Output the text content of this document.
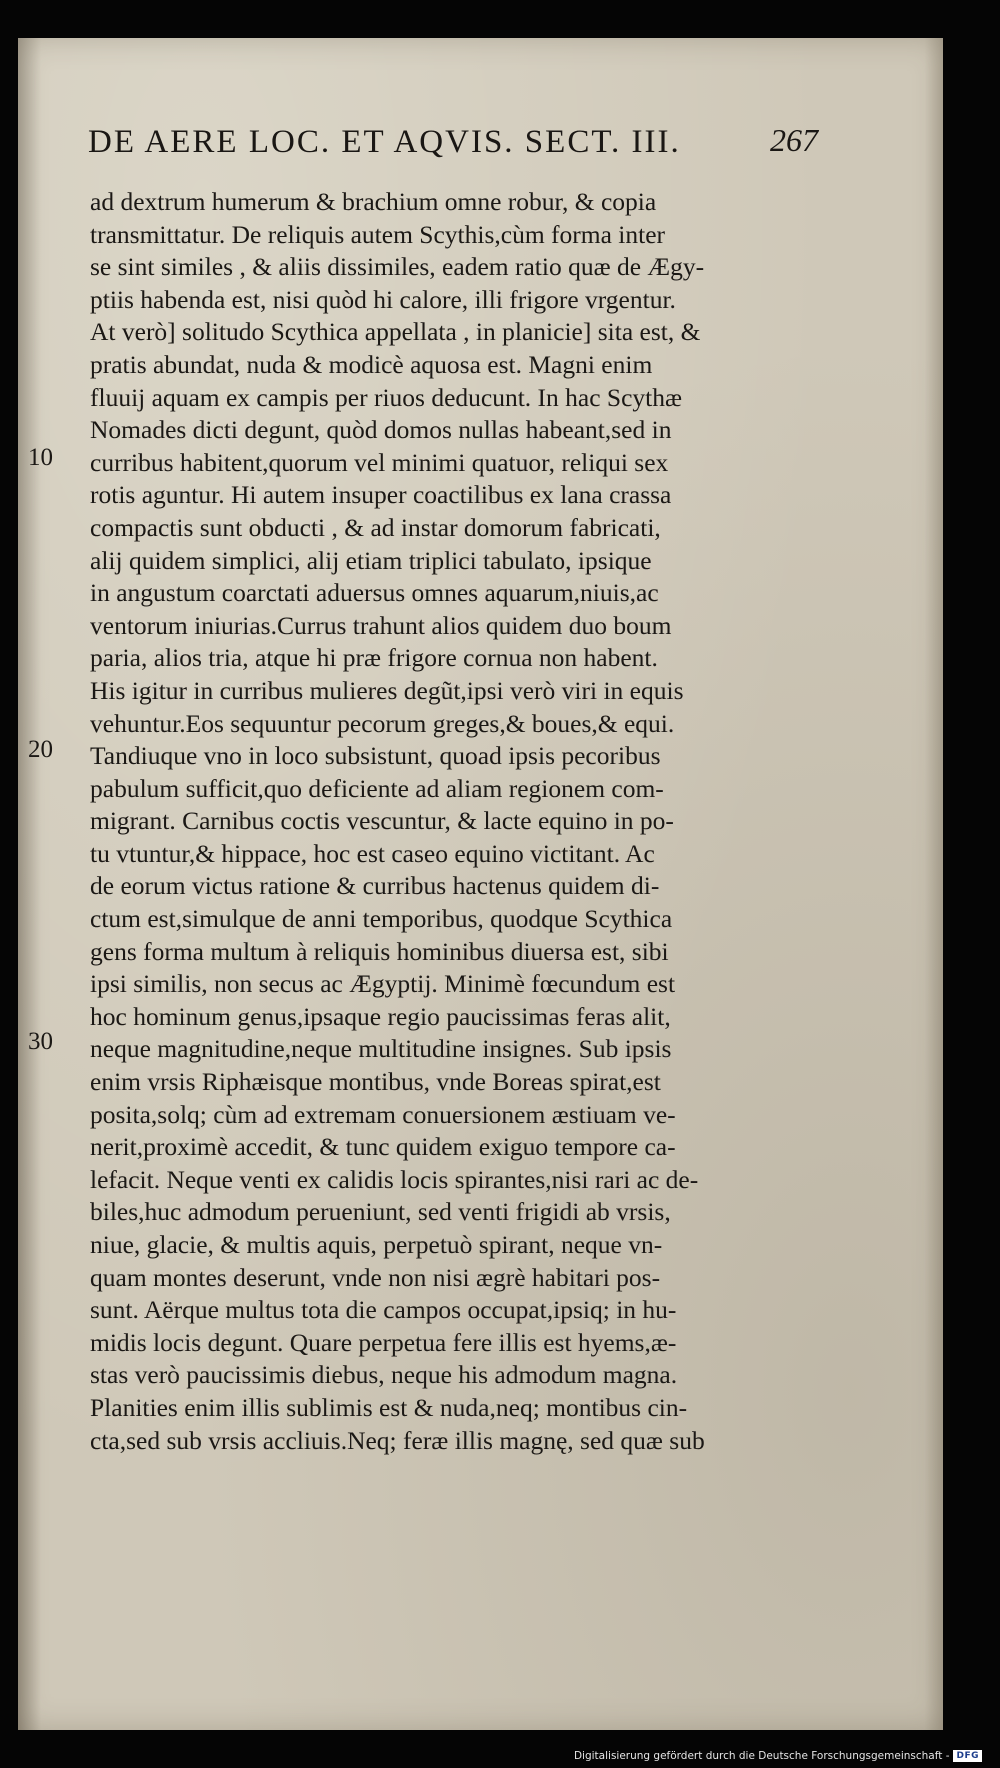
DE AERE LOC. ET AQVIS. SECT. III.	267
10
20
30
ad dextrum humerum & brachium omne robur, & copia
transmittatur. De reliquis autem Scythis,cùm forma inter
se sint similes , & aliis dissimiles, eadem ratio quæ de Ægy-
ptiis habenda est, nisi quòd hi calore, illi frigore vrgentur.
At verò] solitudo Scythica appellata , in planicie] sita est, &
pratis abundat, nuda & modicè aquosa est. Magni enim
fluuij aquam ex campis per riuos deducunt. In hac Scythæ
Nomades dicti degunt, quòd domos nullas habeant,sed in
curribus habitent,quorum vel minimi quatuor, reliqui sex
rotis aguntur. Hi autem insuper coactilibus ex lana crassa
compactis sunt obducti , & ad instar domorum fabricati,
alij quidem simplici, alij etiam triplici tabulato, ipsique
in angustum coarctati aduersus omnes aquarum,niuis,ac
ventorum iniurias.Currus trahunt alios quidem duo boum
paria, alios tria, atque hi præ frigore cornua non habent.
His igitur in curribus mulieres degũt,ipsi verò viri in equis
vehuntur.Eos sequuntur pecorum greges,& boues,& equi.
Tandiuque vno in loco subsistunt, quoad ipsis pecoribus
pabulum sufficit,quo deficiente ad aliam regionem com-
migrant. Carnibus coctis vescuntur, & lacte equino in po-
tu vtuntur,& hippace, hoc est caseo equino victitant. Ac
de eorum victus ratione & curribus hactenus quidem di-
ctum est,simulque de anni temporibus, quodque Scythica
gens forma multum à reliquis hominibus diuersa est, sibi
ipsi similis, non secus ac Ægyptij. Minimè fœcundum est
hoc hominum genus,ipsaque regio paucissimas feras alit,
neque magnitudine,neque multitudine insignes. Sub ipsis
enim vrsis Riphæisque montibus, vnde Boreas spirat,est
posita,solq; cùm ad extremam conuersionem æstiuam ve-
nerit,proximè accedit, & tunc quidem exiguo tempore ca-
lefacit. Neque venti ex calidis locis spirantes,nisi rari ac de-
biles,huc admodum perueniunt, sed venti frigidi ab vrsis,
niue, glacie, & multis aquis, perpetuò spirant, neque vn-
quam montes deserunt, vnde non nisi ægrè habitari pos-
sunt. Aërque multus tota die campos occupat,ipsiq; in hu-
midis locis degunt. Quare perpetua fere illis est hyems,æ-
stas verò paucissimis diebus, neque his admodum magna.
Planities enim illis sublimis est & nuda,neq; montibus cin-
cta,sed sub vrsis accliuis.Neq; feræ illis magnę, sed quæ sub
Digitalisierung gefördert durch die Deutsche Forschungsgemeinschaft - DFG
